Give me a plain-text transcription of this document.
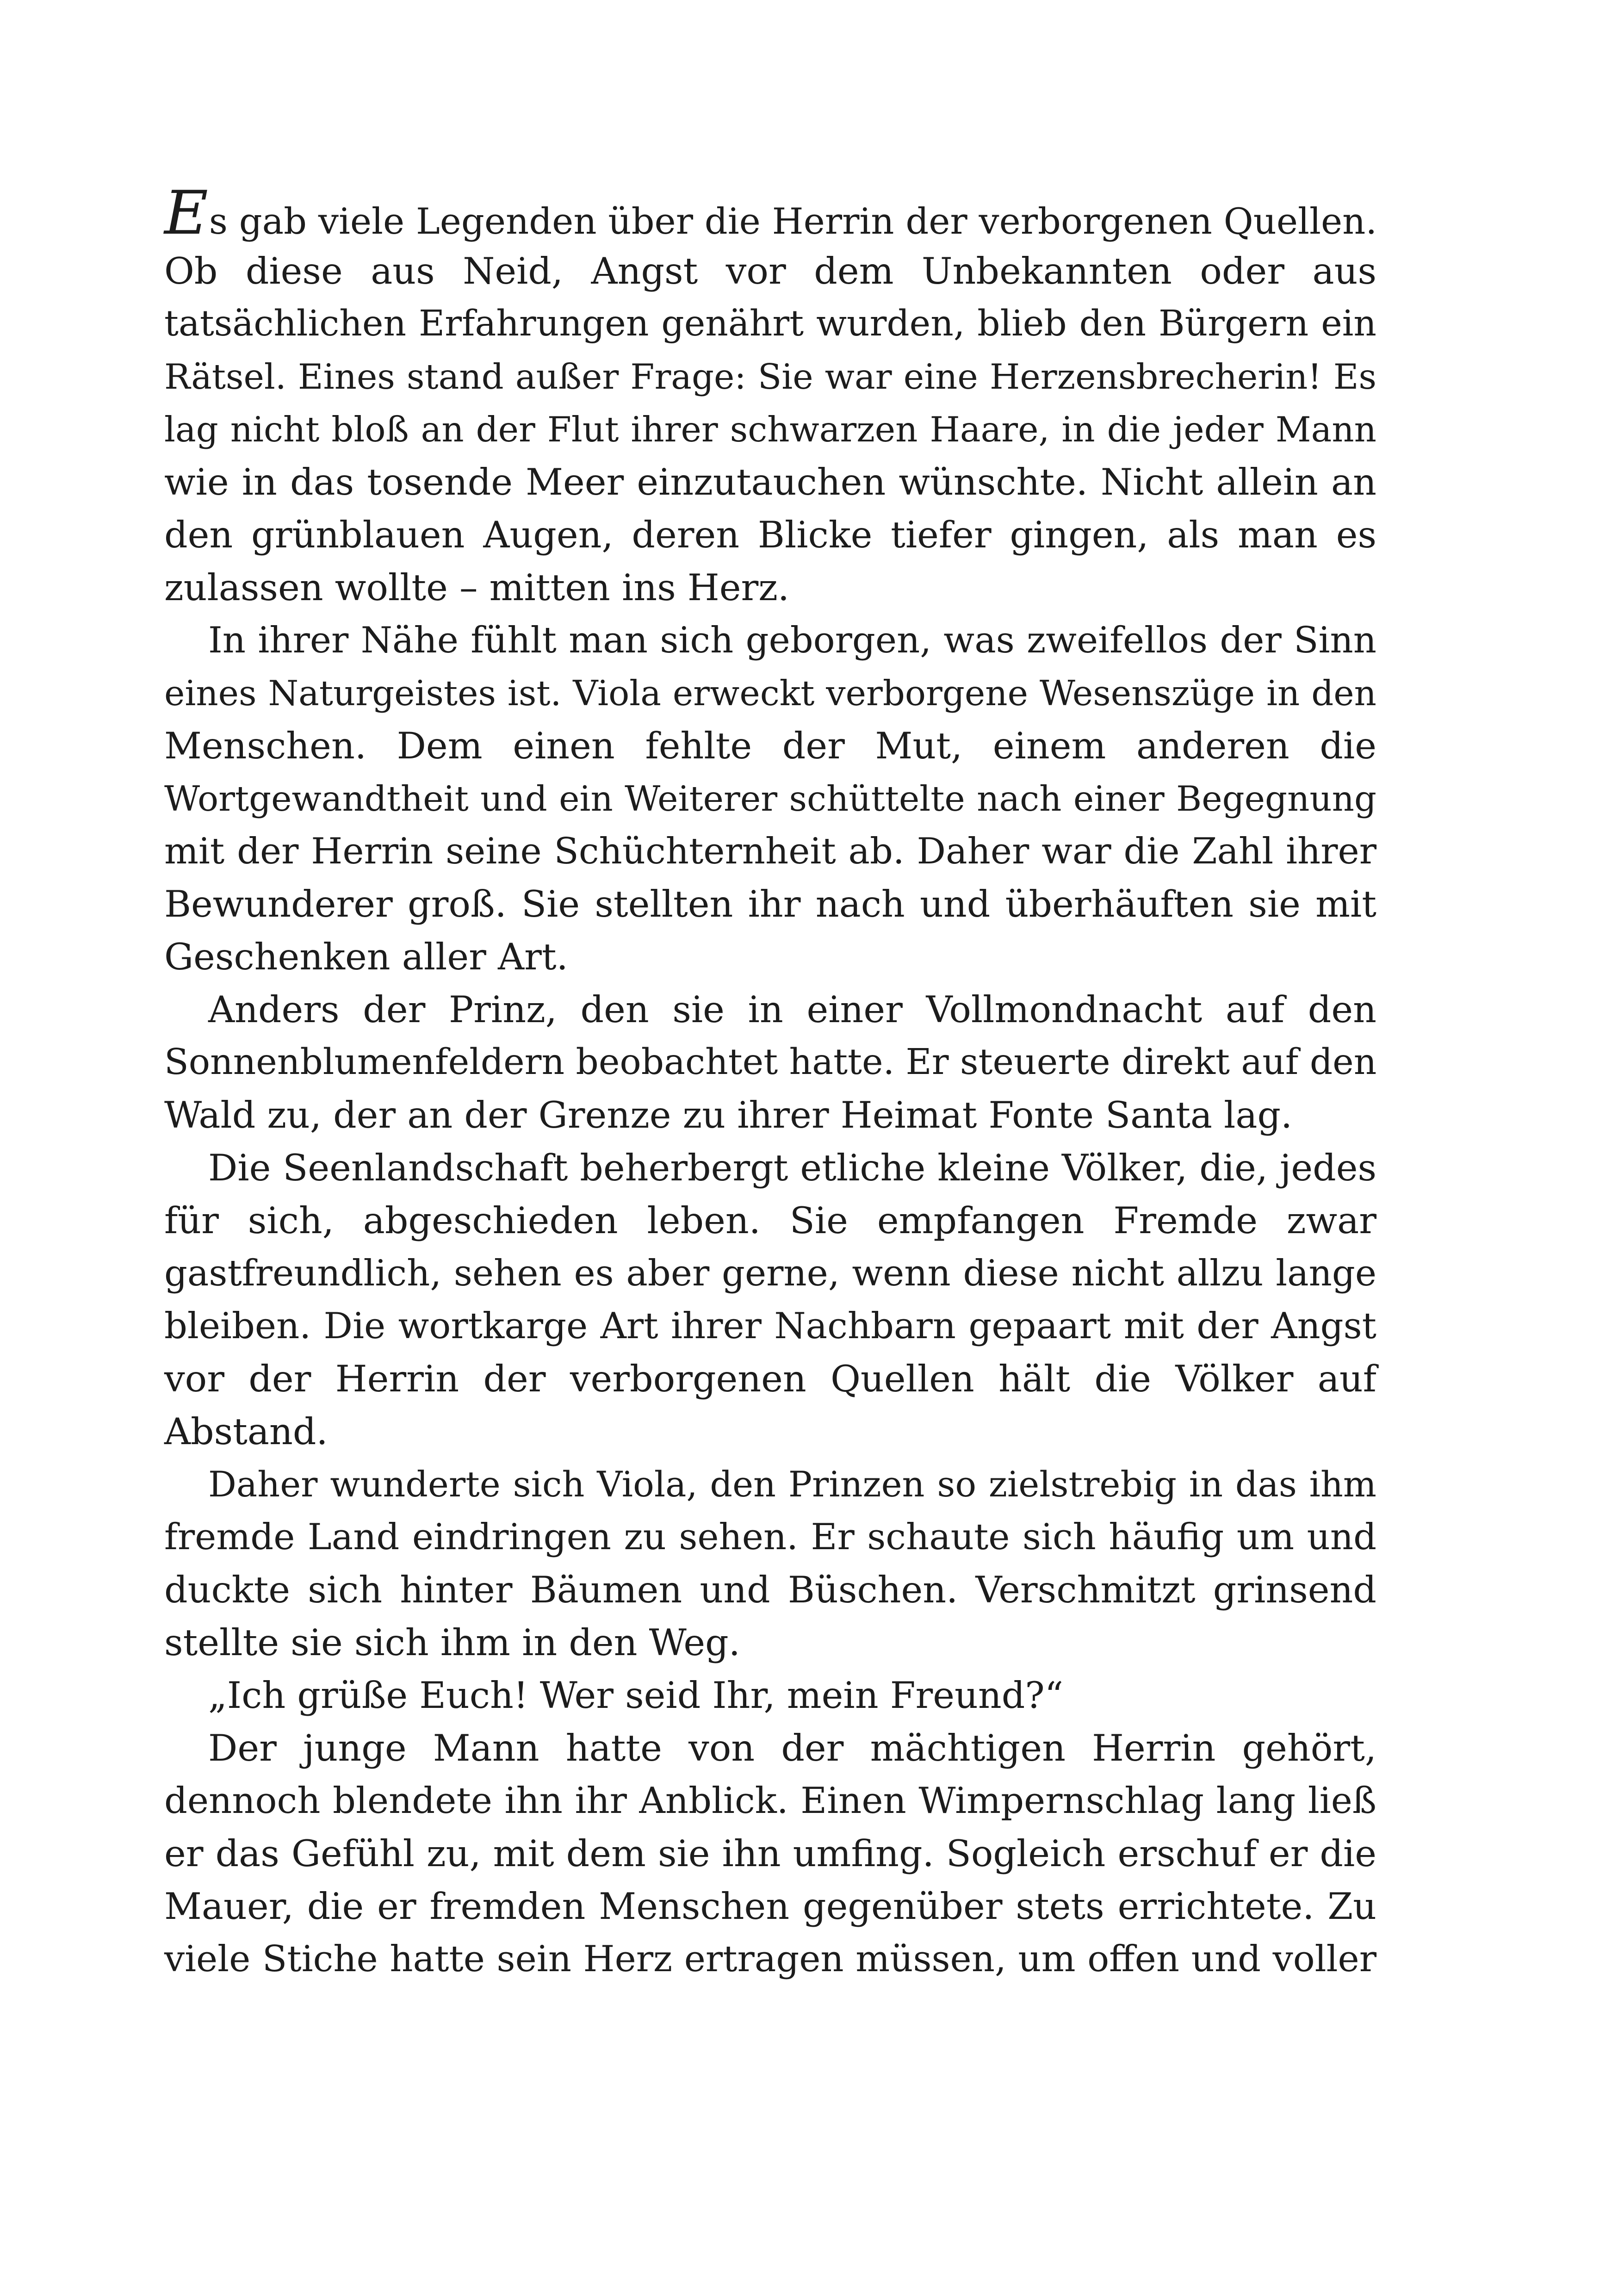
Es gab viele Legenden über die Herrin der verborgenen Quellen.
Ob diese aus Neid, Angst vor dem Unbekannten oder aus
tatsächlichen Erfahrungen genährt wurden, blieb den Bürgern ein
Rätsel. Eines stand außer Frage: Sie war eine Herzensbrecherin! Es
lag nicht bloß an der Flut ihrer schwarzen Haare, in die jeder Mann
wie in das tosende Meer einzutauchen wünschte. Nicht allein an
den grünblauen Augen, deren Blicke tiefer gingen, als man es
zulassen wollte – mitten ins Herz.
In ihrer Nähe fühlt man sich geborgen, was zweifellos der Sinn
eines Naturgeistes ist. Viola erweckt verborgene Wesenszüge in den
Menschen. Dem einen fehlte der Mut, einem anderen die
Wortgewandtheit und ein Weiterer schüttelte nach einer Begegnung
mit der Herrin seine Schüchternheit ab. Daher war die Zahl ihrer
Bewunderer groß. Sie stellten ihr nach und überhäuften sie mit
Geschenken aller Art.
Anders der Prinz, den sie in einer Vollmondnacht auf den
Sonnenblumenfeldern beobachtet hatte. Er steuerte direkt auf den
Wald zu, der an der Grenze zu ihrer Heimat Fonte Santa lag.
Die Seenlandschaft beherbergt etliche kleine Völker, die, jedes
für sich, abgeschieden leben. Sie empfangen Fremde zwar
gastfreundlich, sehen es aber gerne, wenn diese nicht allzu lange
bleiben. Die wortkarge Art ihrer Nachbarn gepaart mit der Angst
vor der Herrin der verborgenen Quellen hält die Völker auf
Abstand.
Daher wunderte sich Viola, den Prinzen so zielstrebig in das ihm
fremde Land eindringen zu sehen. Er schaute sich häufig um und
duckte sich hinter Bäumen und Büschen. Verschmitzt grinsend
stellte sie sich ihm in den Weg.
„Ich grüße Euch! Wer seid Ihr, mein Freund?“
Der junge Mann hatte von der mächtigen Herrin gehört,
dennoch blendete ihn ihr Anblick. Einen Wimpernschlag lang ließ
er das Gefühl zu, mit dem sie ihn umfing. Sogleich erschuf er die
Mauer, die er fremden Menschen gegenüber stets errichtete. Zu
viele Stiche hatte sein Herz ertragen müssen, um offen und voller
